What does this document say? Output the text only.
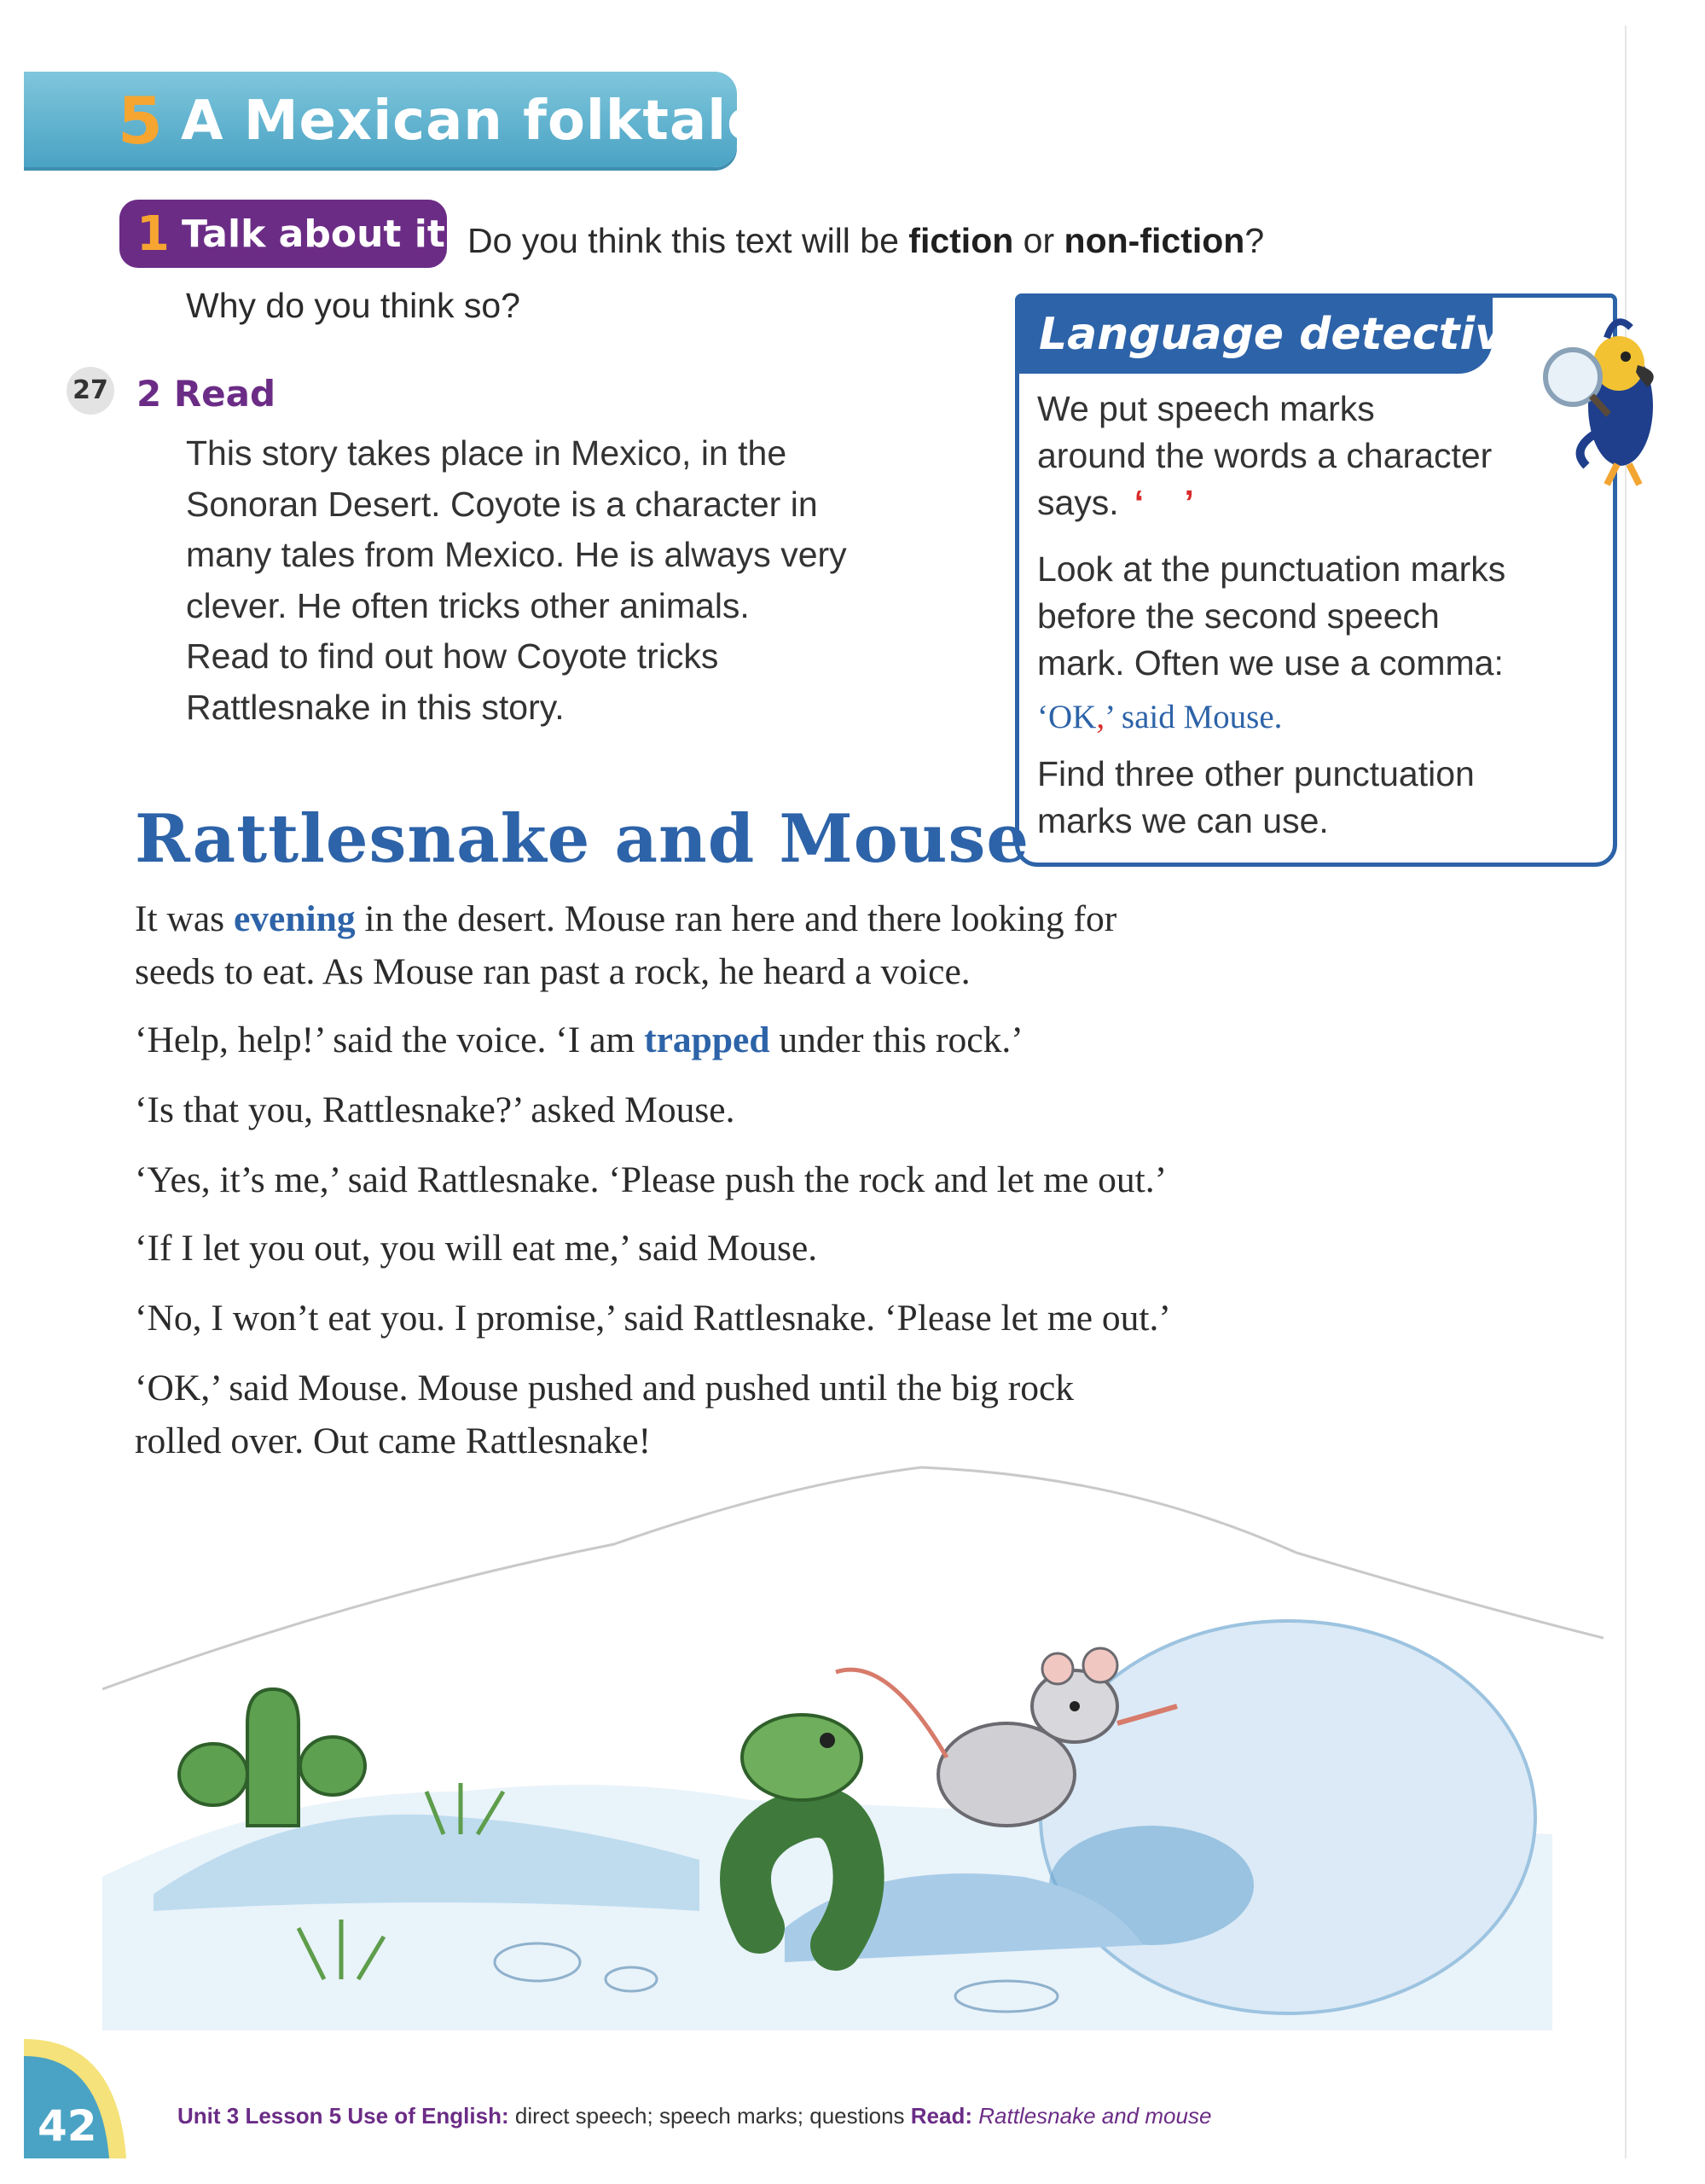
5 A Mexican folktale
1 Talk about it Do you think this text will be fiction or non-fiction?
Why do you think so?
27 2 Read
This story takes place in Mexico, in the
Sonoran Desert. Coyote is a character in
many tales from Mexico. He is always very
clever. He often tricks other animals.
Read to find out how Coyote tricks
Rattlesnake in this story.
Language detective
We put speech marks
around the words a character
says. ‘ ’
Look at the punctuation marks
before the second speech
mark. Often we use a comma:
‘OK,’ said Mouse.
Find three other punctuation
marks we can use.
Rattlesnake and Mouse
It was evening in the desert. Mouse ran here and there looking for
seeds to eat. As Mouse ran past a rock, he heard a voice.
‘Help, help!’ said the voice. ‘I am trapped under this rock.’
‘Is that you, Rattlesnake?’ asked Mouse.
‘Yes, it’s me,’ said Rattlesnake. ‘Please push the rock and let me out.’
‘If I let you out, you will eat me,’ said Mouse.
‘No, I won’t eat you. I promise,’ said Rattlesnake. ‘Please let me out.’
‘OK,’ said Mouse. Mouse pushed and pushed until the big rock
rolled over. Out came Rattlesnake!
42	Unit 3 Lesson 5 Use of English: direct speech; speech marks; questions Read: Rattlesnake and mouse
